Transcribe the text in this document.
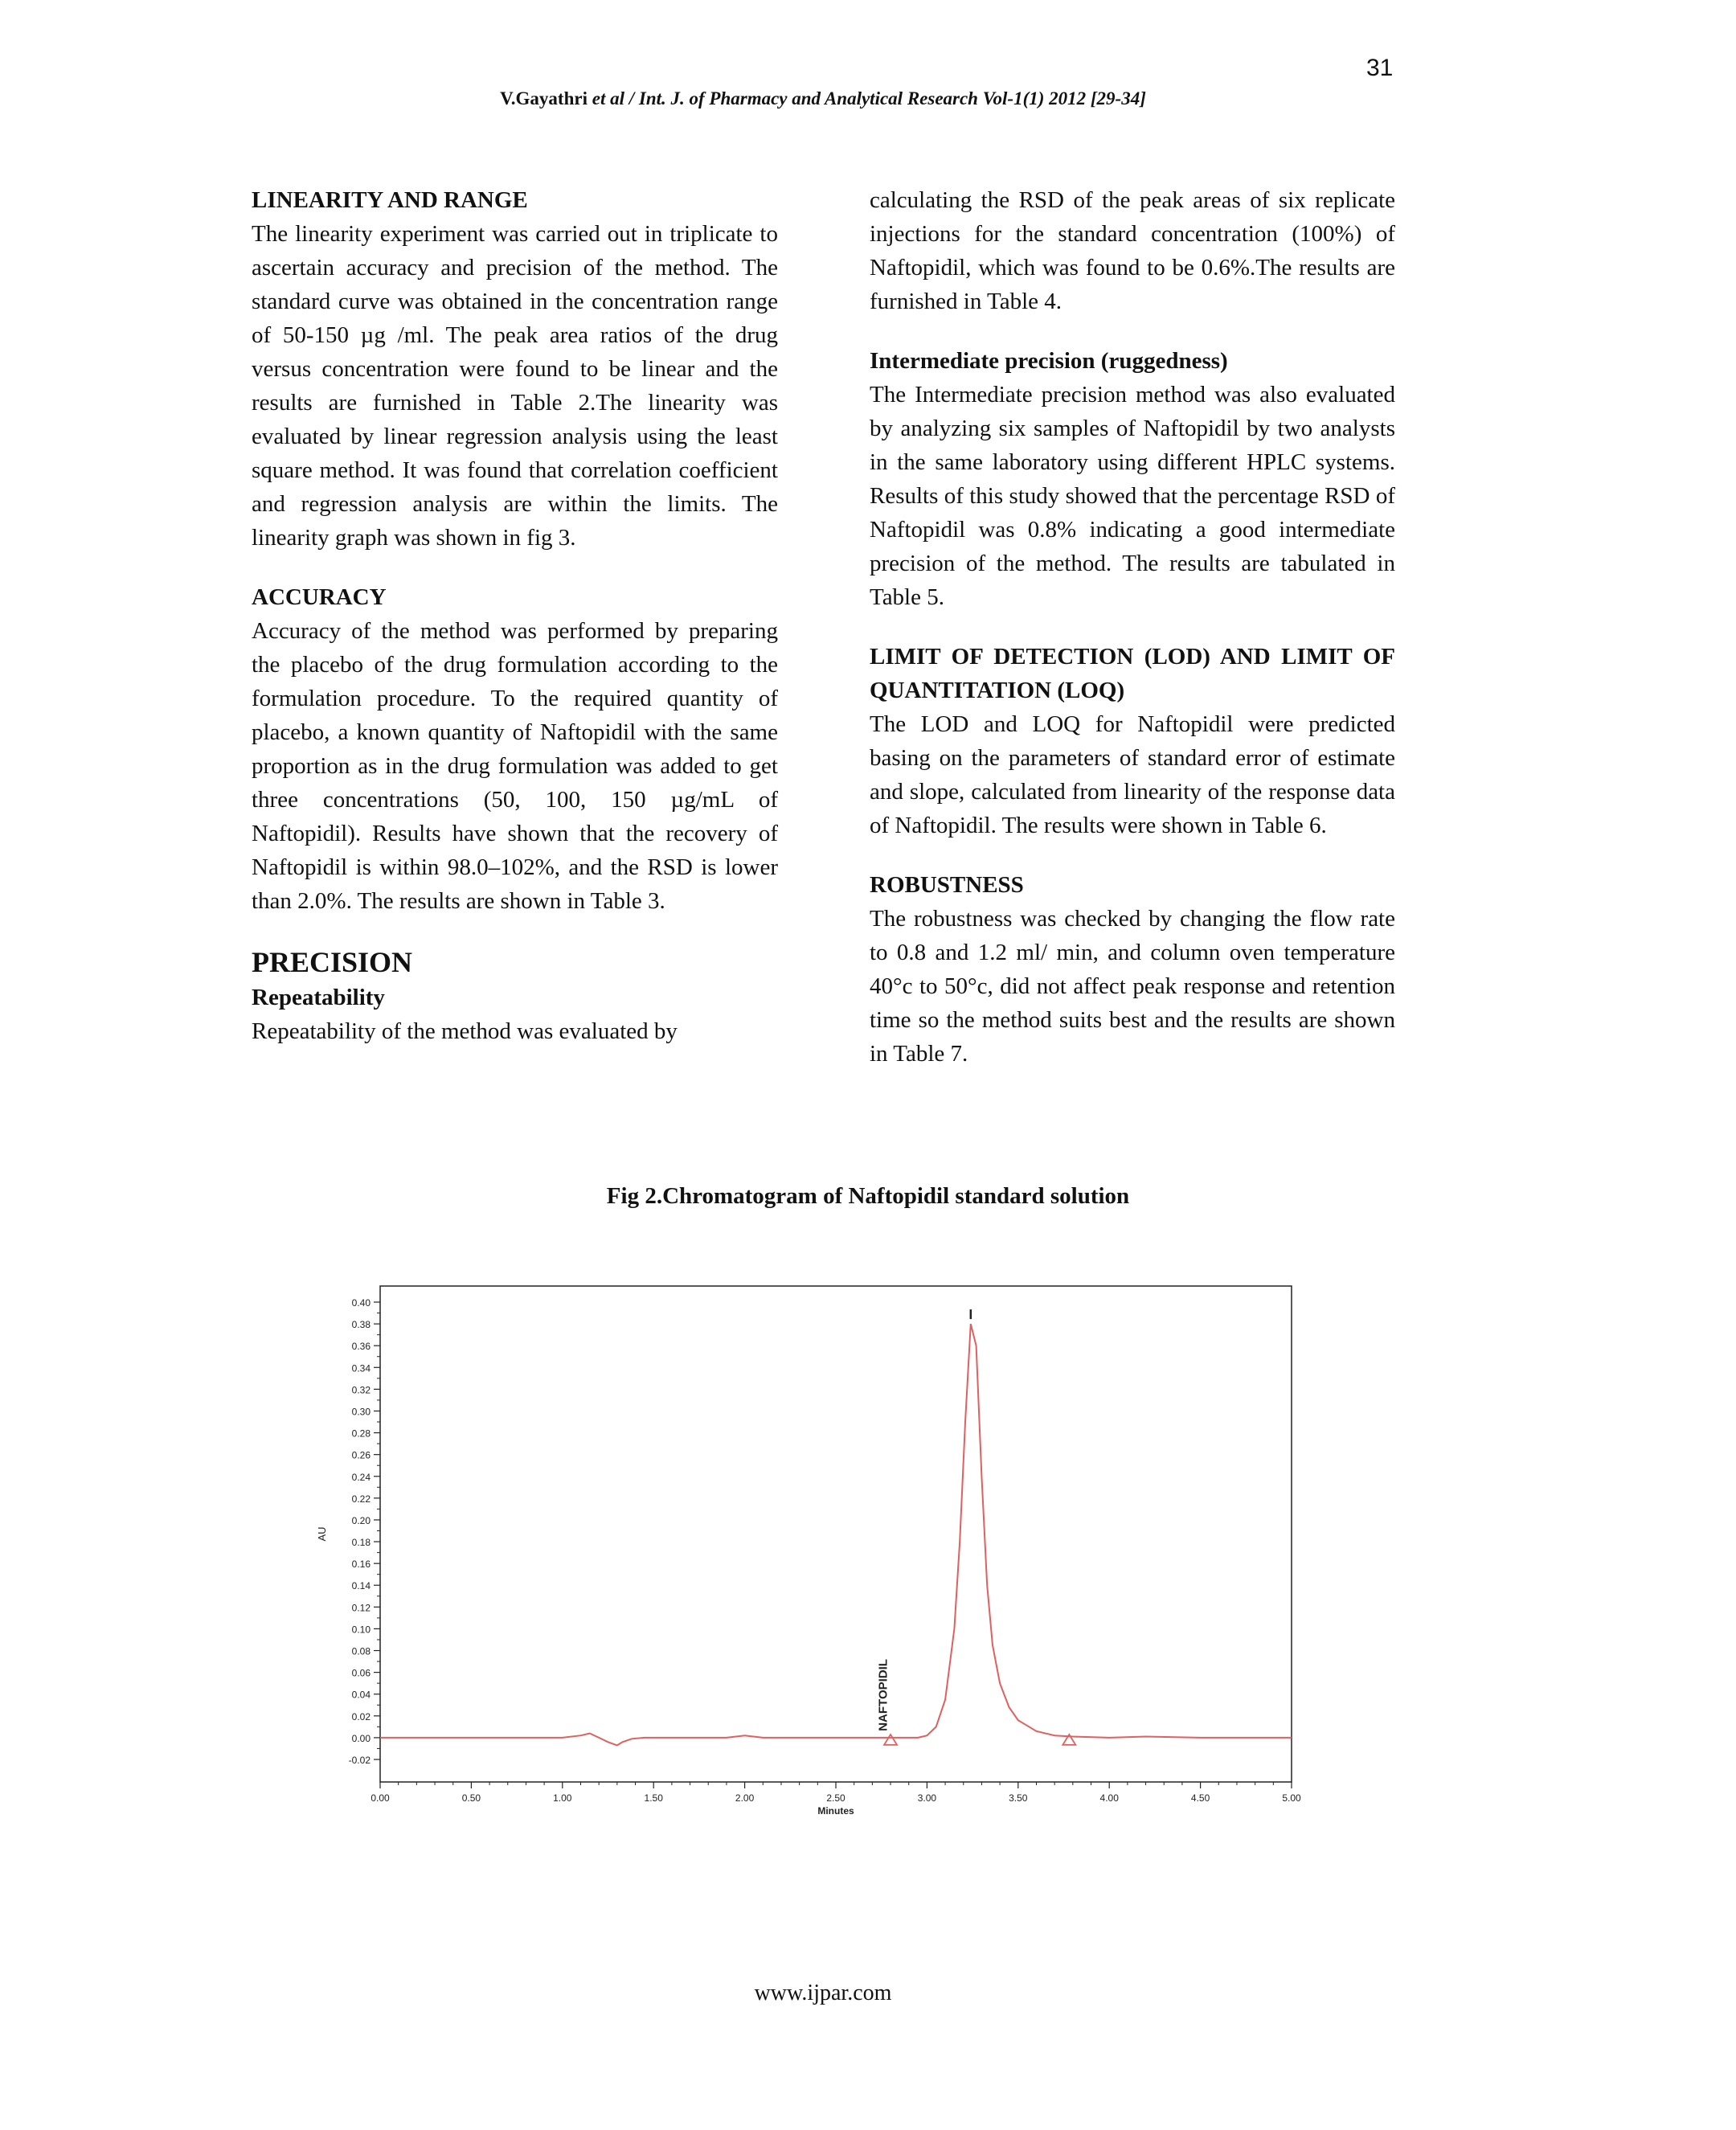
31
V.Gayathri et al / Int. J. of Pharmacy and Analytical Research Vol-1(1) 2012 [29-34]
LINEARITY AND RANGE

The linearity experiment was carried out in triplicate to ascertain accuracy and precision of the method. The standard curve was obtained in the concentration range of 50-150 µg /ml. The peak area ratios of the drug versus concentration were found to be linear and the results are furnished in Table 2.The linearity was evaluated by linear regression analysis using the least square method. It was found that correlation coefficient and regression analysis are within the limits. The linearity graph was shown in fig 3.

ACCURACY

Accuracy of the method was performed by preparing the placebo of the drug formulation according to the formulation procedure. To the required quantity of placebo, a known quantity of Naftopidil with the same proportion as in the drug formulation was added to get three concentrations (50, 100, 150 µg/mL of Naftopidil). Results have shown that the recovery of Naftopidil is within 98.0–102%, and the RSD is lower than 2.0%. The results are shown in Table 3.

PRECISION
Repeatability

Repeatability of the method was evaluated by

calculating the RSD of the peak areas of six replicate injections for the standard concentration (100%) of Naftopidil, which was found to be 0.6%.The results are furnished in Table 4.

Intermediate precision (ruggedness)

The Intermediate precision method was also evaluated by analyzing six samples of Naftopidil by two analysts in the same laboratory using different HPLC systems. Results of this study showed that the percentage RSD of Naftopidil was 0.8% indicating a good intermediate precision of the method. The results are tabulated in Table 5.

LIMIT OF DETECTION (LOD) AND LIMIT OF QUANTITATION (LOQ)

The LOD and LOQ for Naftopidil were predicted basing on the parameters of standard error of estimate and slope, calculated from linearity of the response data of Naftopidil. The results were shown in Table 6.

ROBUSTNESS

The robustness was checked by changing the flow rate to 0.8 and 1.2 ml/ min, and column oven temperature 40°c to 50°c, did not affect peak response and retention time so the method suits best and the results are shown in Table 7.

Fig 2.Chromatogram of Naftopidil standard solution
-0.02
0.00
0.02
0.04
0.06
0.08
0.10
0.12
0.14
0.16
0.18
0.20
0.22
0.24
0.26
0.28
0.30
0.32
0.34
0.36
0.38
0.40
0.00	0.50	1.00	1.50	2.00	2.50	3.00	3.50	4.00	4.50	5.00
Minutes
AU
NAFTOPIDIL
www.ijpar.com
